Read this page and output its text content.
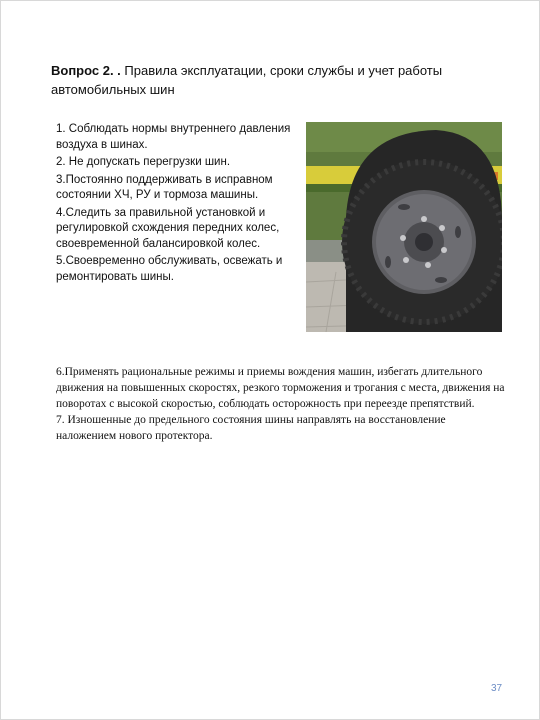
Вопрос 2. . Правила эксплуатации, сроки службы и учет работы автомобильных шин
1. Соблюдать нормы внутреннего давления воздуха в шинах.
2. Не допускать перегрузки шин.
3.Постоянно поддерживать в исправном состоянии ХЧ, РУ и тормоза машины.
4.Следить за правильной установкой и регулировкой схождения передних колес, своевременной балансировкой колес.
5.Своевременно обслуживать, освежать и ремонтировать шины.

6.Применять рациональные режимы и приемы вождения машин, избегать длительного движения на повышенных скоростях, резкого торможения и трогания с места, движения на поворотах с высокой скоростью, соблюдать осторожность при переезде препятствий.

7. Изношенные до предельного состояния шины направлять на восстановление наложением нового протектора.

37
